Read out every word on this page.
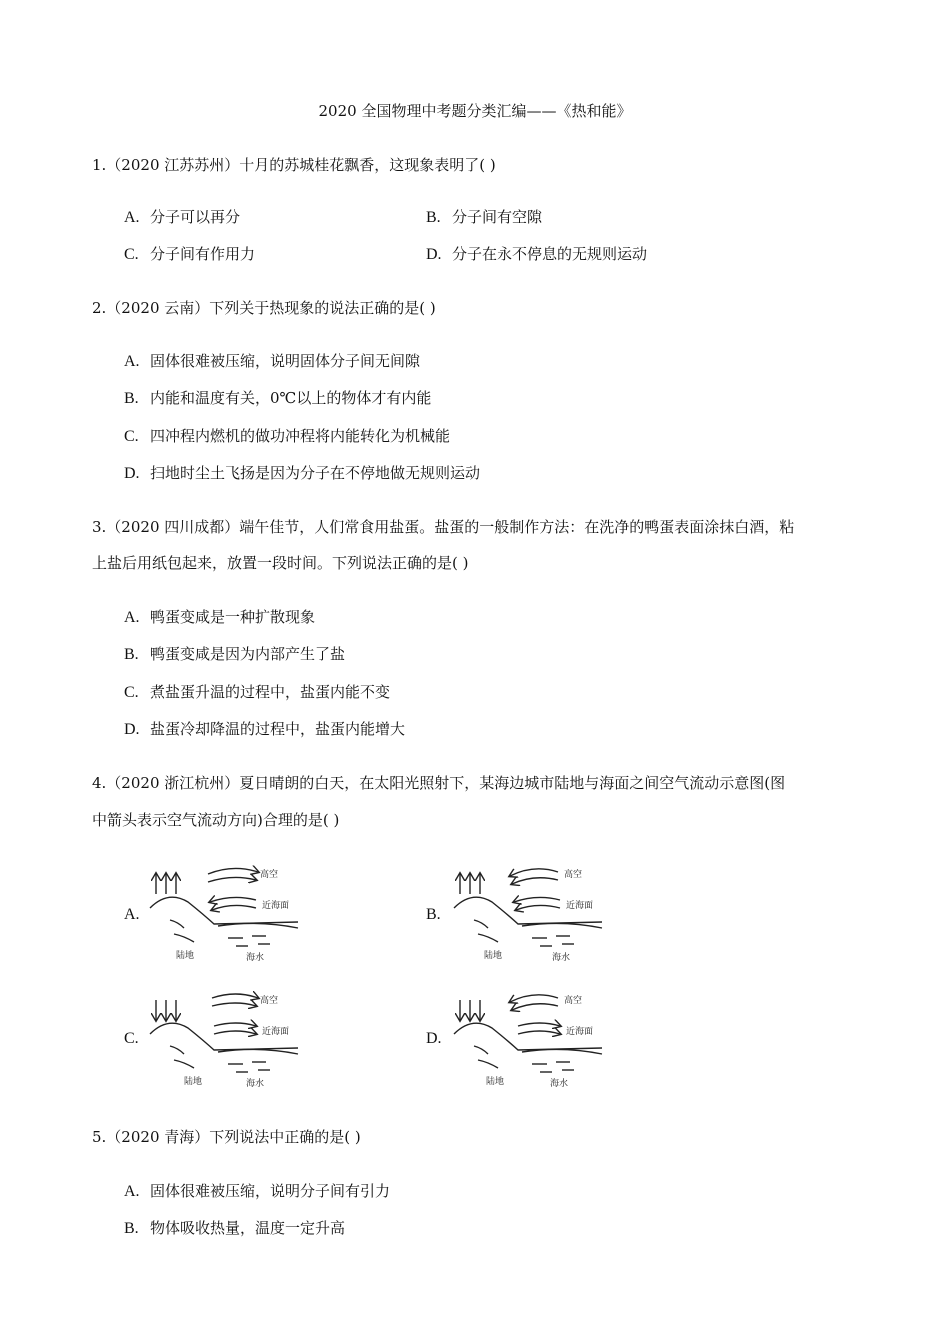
2020 全国物理中考题分类汇编——《热和能》
1.（2020 江苏苏州）十月的苏城桂花飘香，这现象表明了( )
A. 分子可以再分	B. 分子间有空隙
C. 分子间有作用力	D. 分子在永不停息的无规则运动
2.（2020 云南）下列关于热现象的说法正确的是( )
A. 固体很难被压缩，说明固体分子间无间隙
B. 内能和温度有关，0℃以上的物体才有内能
C. 四冲程内燃机的做功冲程将内能转化为机械能
D. 扫地时尘土飞扬是因为分子在不停地做无规则运动
3.（2020 四川成都）端午佳节，人们常食用盐蛋。盐蛋的一般制作方法：在洗净的鸭蛋表面涂抹白酒，粘
上盐后用纸包起来，放置一段时间。下列说法正确的是( )
A. 鸭蛋变咸是一种扩散现象
B. 鸭蛋变咸是因为内部产生了盐
C. 煮盐蛋升温的过程中，盐蛋内能不变
D. 盐蛋冷却降温的过程中，盐蛋内能增大
4.（2020 浙江杭州）夏日晴朗的白天，在太阳光照射下，某海边城市陆地与海面之间空气流动示意图(图
中箭头表示空气流动方向)合理的是( )
A.
高空
近海面
陆地	海水
B.
高空
近海面
陆地	海水
C.
高空
近海面
陆地	海水
D.
高空
近海面
陆地	海水
5.（2020 青海）下列说法中正确的是( )
A. 固体很难被压缩，说明分子间有引力
B. 物体吸收热量，温度一定升高
